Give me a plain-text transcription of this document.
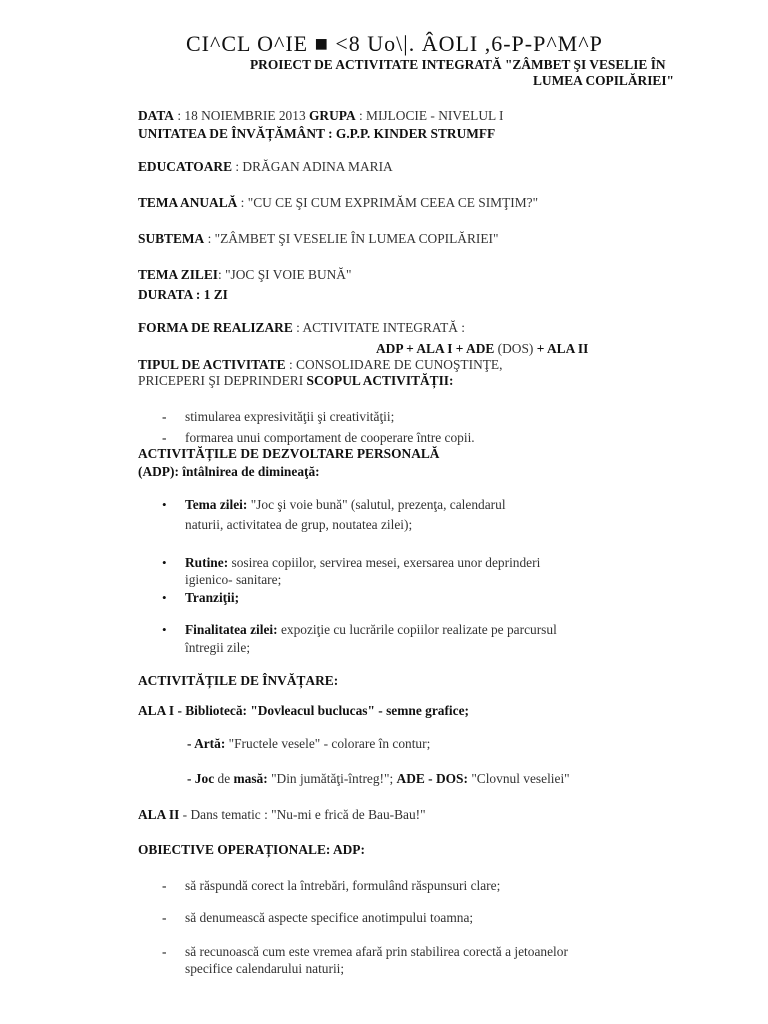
CI^CL O^IE ■ <8 Uo\|. ÂOLI ,6-P-P^M^P
PROIECT DE ACTIVITATE INTEGRATĂ "ZÂMBET ŞI VESELIE ÎN
LUMEA COPILĂRIEI"
DATA : 18 NOIEMBRIE 2013 GRUPA : MIJLOCIE - NIVELUL I
UNITATEA DE ÎNVĂȚĂMÂNT : G.P.P. KINDER STRUMFF
EDUCATOARE : DRĂGAN ADINA MARIA
TEMA ANUALĂ : "CU CE ŞI CUM EXPRIMĂM CEEA CE SIMŢIM?"
SUBTEMA : "ZÂMBET ŞI VESELIE ÎN LUMEA COPILĂRIEI"
TEMA ZILEI: "JOC ŞI VOIE BUNĂ"
DURATA : 1 ZI
FORMA DE REALIZARE : ACTIVITATE INTEGRATĂ :
ADP + ALA I + ADE (DOS) + ALA II
TIPUL DE ACTIVITATE : CONSOLIDARE DE CUNOŞTINŢE,
PRICEPERI ŞI DEPRINDERI SCOPUL ACTIVITĂȚII:
- stimularea expresivităţii şi creativităţii;
- formarea unui comportament de cooperare între copii.
ACTIVITĂȚILE DE DEZVOLTARE PERSONALĂ
(ADP): întâlnirea de dimineaţă:
• Tema zilei: "Joc şi voie bună" (salutul, prezenţa, calendarul
naturii, activitatea de grup, noutatea zilei);
• Rutine: sosirea copiilor, servirea mesei, exersarea unor deprinderi
igienico- sanitare;
• Tranziţii;
• Finalitatea zilei: expoziţie cu lucrările copiilor realizate pe parcursul
întregii zile;
ACTIVITĂȚILE DE ÎNVĂȚARE:
ALA I - Bibliotecă: "Dovleacul buclucas" - semne grafice;
- Artă: "Fructele vesele" - colorare în contur;
- Joc de masă: "Din jumătăţi-întreg!"; ADE - DOS: "Clovnul veseliei"
ALA II - Dans tematic : "Nu-mi e frică de Bau-Bau!"
OBIECTIVE OPERAȚIONALE: ADP:
- să răspundă corect la întrebări, formulând răspunsuri clare;
- să denumească aspecte specifice anotimpului toamna;
- să recunoască cum este vremea afară prin stabilirea corectă a jetoanelor
specifice calendarului naturii;
